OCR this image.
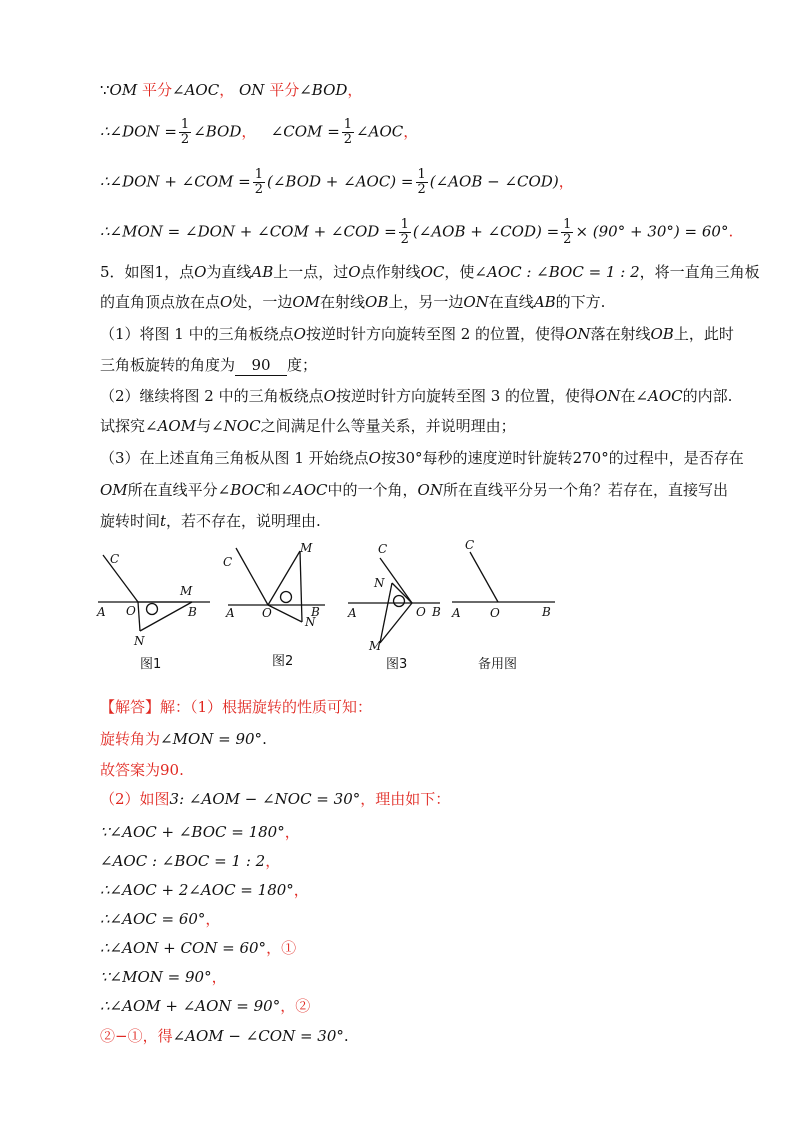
∵OM 平分∠AOC， ON 平分∠BOD，
∴∠DON = $\frac{1}{2}$ ∠BOD， ∠COM = $\frac{1}{2}$ ∠AOC，
∴∠DON + ∠COM = $\frac{1}{2}$ (∠BOD + ∠AOC) = $\frac{1}{2}$ (∠AOB − ∠COD)，
∴∠MON = ∠DON + ∠COM + ∠COD = $\frac{1}{2}$ (∠AOB + ∠COD) = $\frac{1}{2} \times (90^\circ + 30^\circ) = 60^\circ$.
5．如图1，点O为直线AB上一点，过O点作射线OC，使∠AOC : ∠BOC = 1 : 2，将一直角三角板
的直角顶点放在点O处，一边OM在射线OB上，另一边ON在直线AB的下方.
（1）将图 1 中的三角板绕点O按逆时针方向旋转至图 2 的位置，使得ON落在射线OB上，此时
三角板旋转的角度为 90 度；
（2）继续将图 2 中的三角板绕点O按逆时针方向旋转至图 3 的位置，使得ON在∠AOC的内部.
试探究∠AOM与∠NOC之间满足什么等量关系，并说明理由；
（3）在上述直角三角板从图 1 开始绕点O按30°每秒的速度逆时针旋转270°的过程中，是否存在
OM所在直线平分∠BOC和∠AOC中的一个角，ON所在直线平分另一个角？若存在，直接写出
旋转时间t，若不存在，说明理由.
C
M
A O	B
N
图1
C
M
A O	B
N
图2
C
N
A	O B
M
图3
C
A O	B
备用图
【解答】解：（1）根据旋转的性质可知：
旋转角为∠MON = 90°.
故答案为90.
（2）如图3: ∠AOM − ∠NOC = 30°，理由如下：
∵∠AOC + ∠BOC = 180°，
∠AOC : ∠BOC = 1 : 2，
∴∠AOC + 2∠AOC = 180°，
∴∠AOC = 60°，
∴∠AON + CON = 60°，①
∵∠MON = 90°，
∴∠AOM + ∠AON = 90°，②
②−①，得∠AOM − ∠CON = 30°.
